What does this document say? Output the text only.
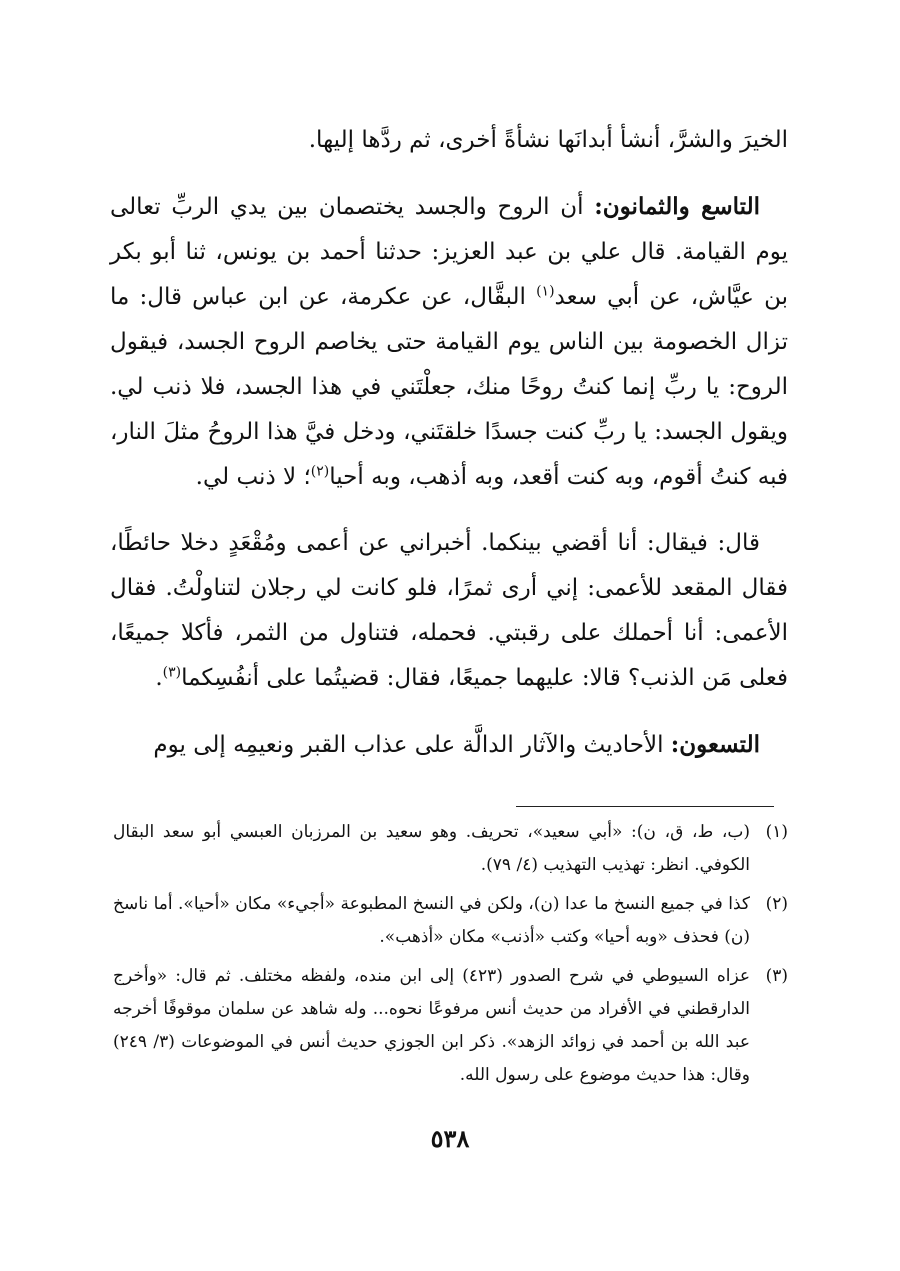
الخيرَ والشرَّ، أنشأ أبدانَها نشأةً أخرى، ثم ردَّها إليها.

التاسع والثمانون: أن الروح والجسد يختصمان بين يدي الربِّ تعالى يوم القيامة. قال علي بن عبد العزيز: حدثنا أحمد بن يونس، ثنا أبو بكر بن عيَّاش، عن أبي سعد$^{(١)}$ البقَّال، عن عكرمة، عن ابن عباس قال: ما تزال الخصومة بين الناس يوم القيامة حتى يخاصم الروح الجسد، فيقول الروح: يا ربِّ إنما كنتُ روحًا منك، جعلْتَني في هذا الجسد، فلا ذنب لي. ويقول الجسد: يا ربِّ كنت جسدًا خلقتَني، ودخل فيَّ هذا الروحُ مثلَ النار، فبه كنتُ أقوم، وبه كنت أقعد، وبه أذهب، وبه أحيا$^{(٢)}$؛ لا ذنب لي.

قال: فيقال: أنا أقضي بينكما. أخبراني عن أعمى ومُقْعَدٍ دخلا حائطًا، فقال المقعد للأعمى: إني أرى ثمرًا، فلو كانت لي رجلان لتناولْتُ. فقال الأعمى: أنا أحملك على رقبتي. فحمله، فتناول من الثمر، فأكلا جميعًا، فعلى مَن الذنب؟ قالا: عليهما جميعًا، فقال: قضيتُما على أنفُسِكما$^{(٣)}$.

التسعون: الأحاديث والآثار الدالَّة على عذاب القبر ونعيمِه إلى يوم

(١)
(ب، ط، ق، ن): «أبي سعيد»، تحريف. وهو سعيد بن المرزبان العبسي أبو سعد البقال الكوفي. انظر: تهذيب التهذيب (٤/ ٧٩).
(٢)
كذا في جميع النسخ ما عدا (ن)، ولكن في النسخ المطبوعة «أجيء» مكان «أحيا». أما ناسخ (ن) فحذف «وبه أحيا» وكتب «أذنب» مكان «أذهب».
(٣)
عزاه السيوطي في شرح الصدور (٤٢٣) إلى ابن منده، ولفظه مختلف. ثم قال: «وأخرج الدارقطني في الأفراد من حديث أنس مرفوعًا نحوه... وله شاهد عن سلمان موقوفًا أخرجه عبد الله بن أحمد في زوائد الزهد». ذكر ابن الجوزي حديث أنس في الموضوعات (٣/ ٢٤٩) وقال: هذا حديث موضوع على رسول الله.
٥٣٨
